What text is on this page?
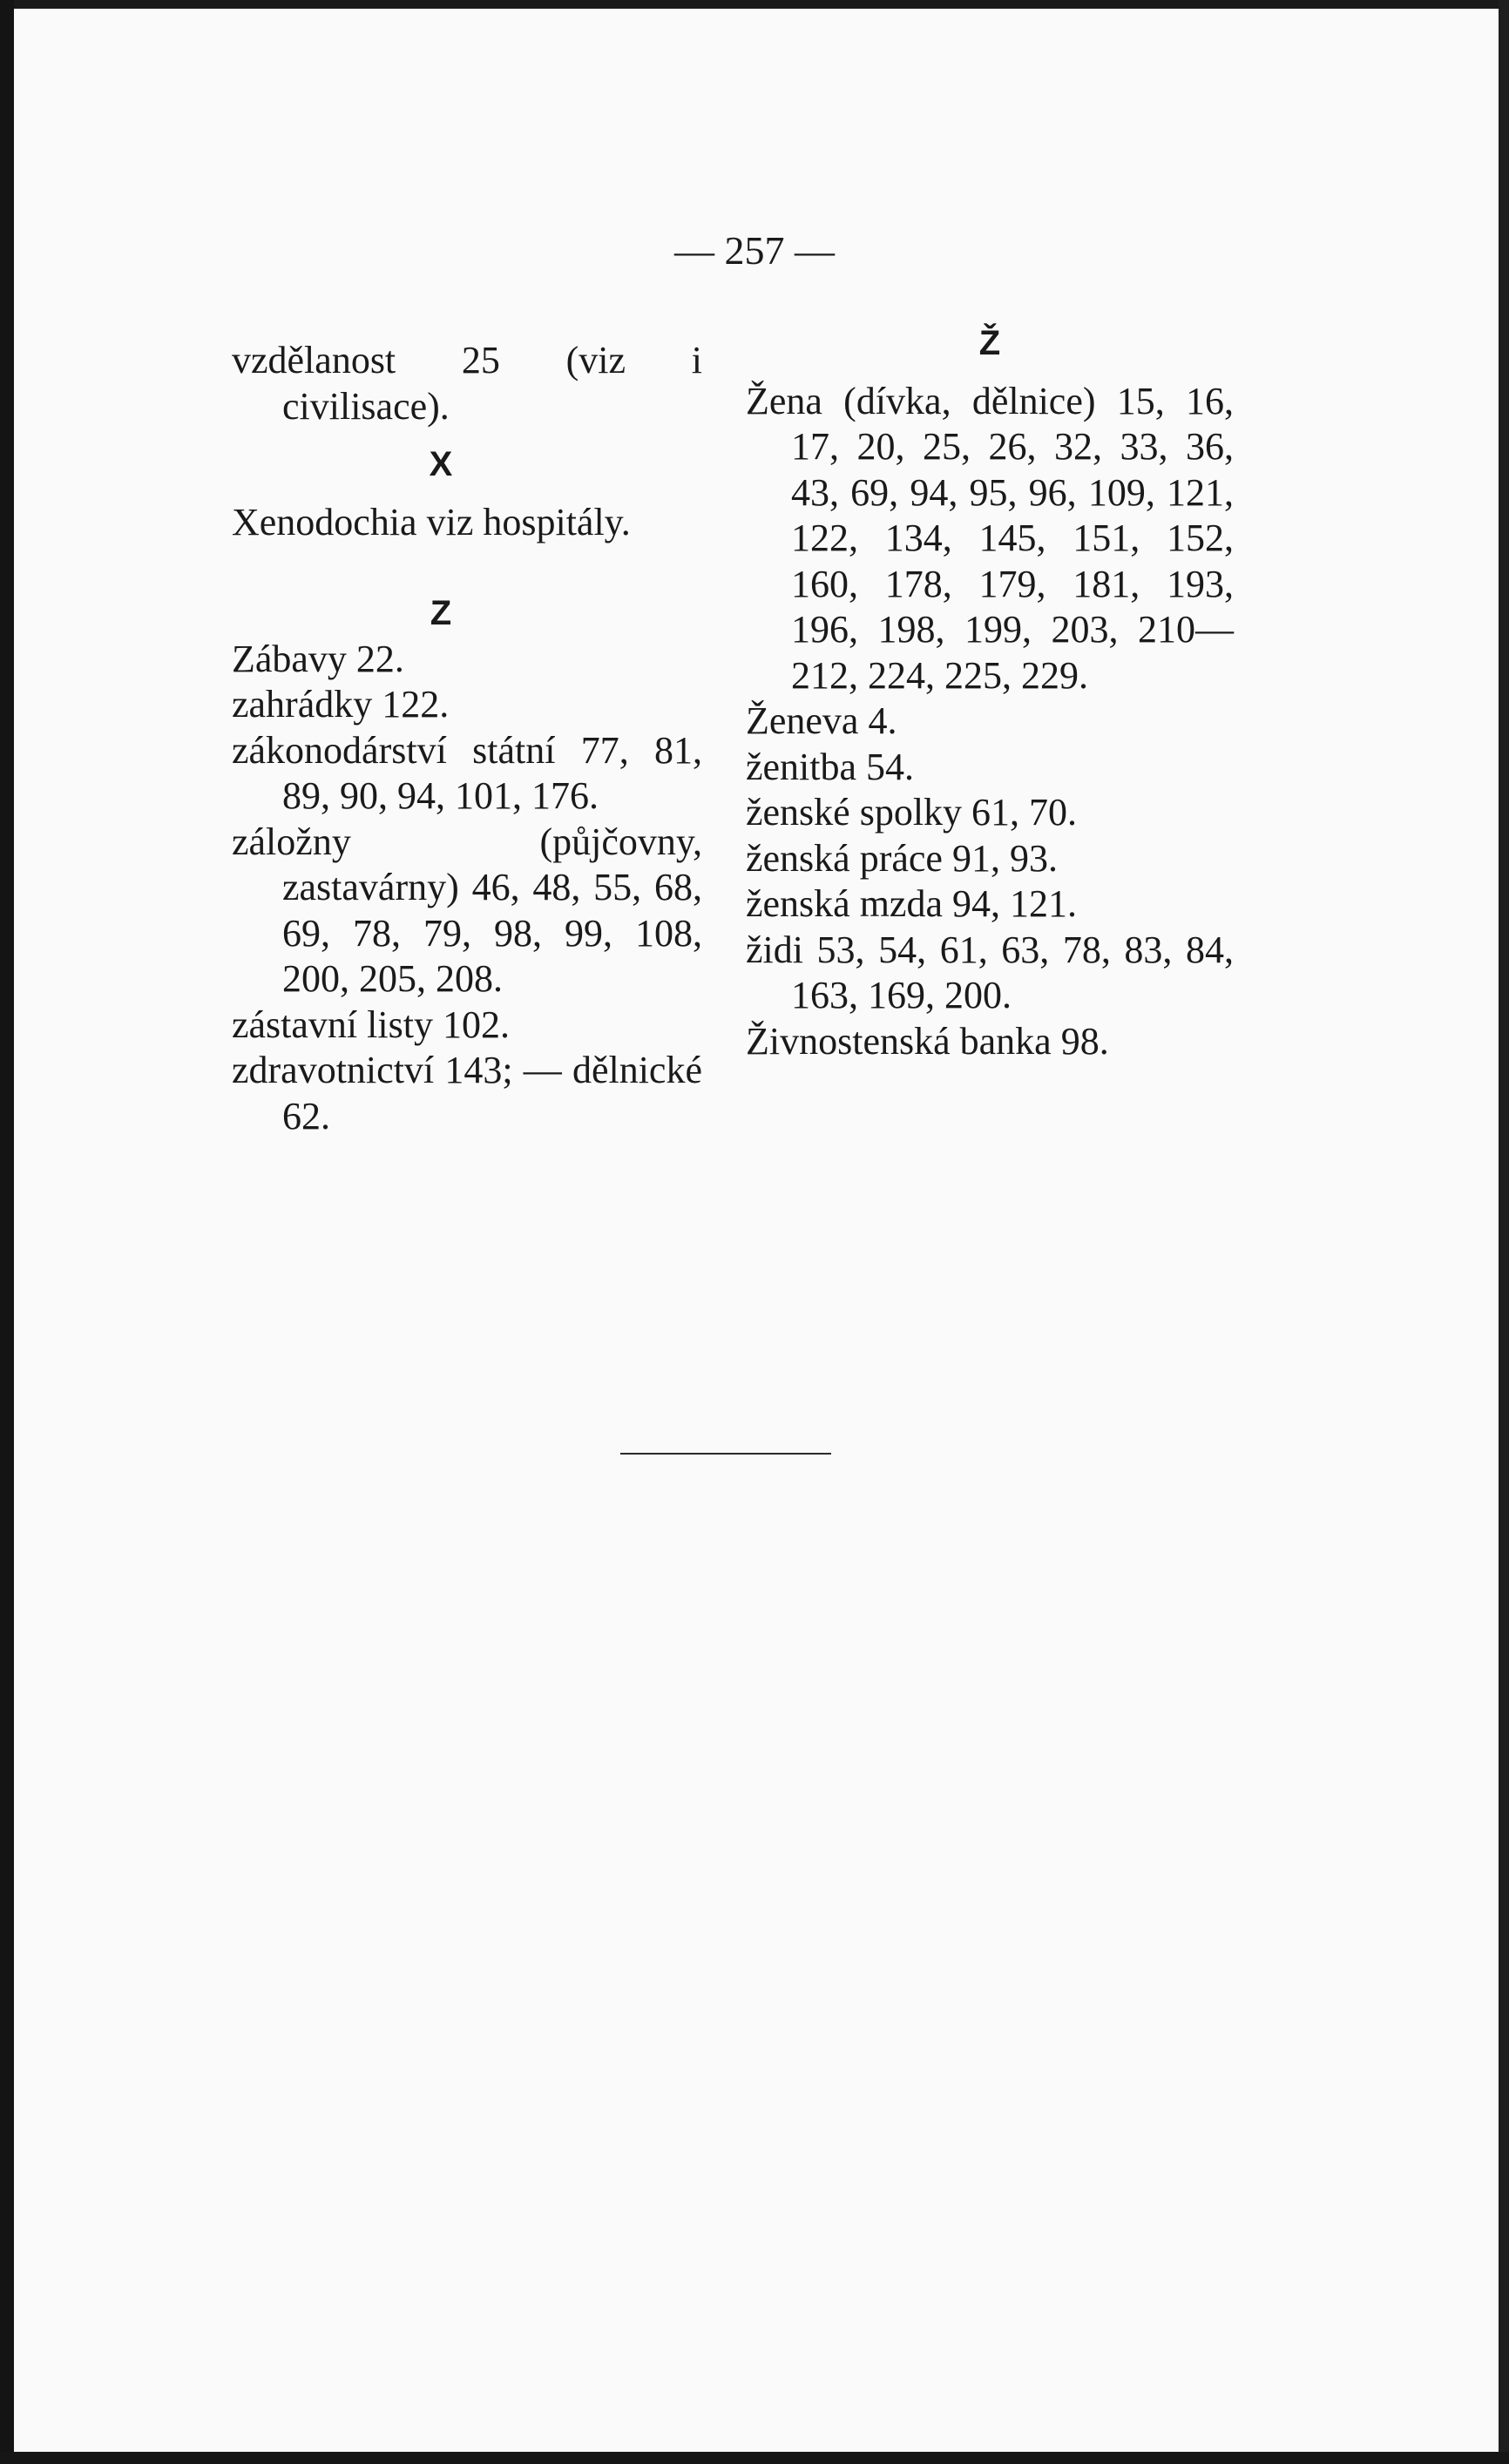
— 257 —

vzdělanost 25 (viz i civilisace).

X

Xenodochia viz hospitály.

Z

Zábavy 22.

zahrádky 122.

zákonodárství státní 77, 81, 89, 90, 94, 101, 176.

záložny (půjčovny, zastavárny) 46, 48, 55, 68, 69, 78, 79, 98, 99, 108, 200, 205, 208.

zástavní listy 102.

zdravotnictví 143; — dělnické 62.

Ž

Žena (dívka, dělnice) 15, 16, 17, 20, 25, 26, 32, 33, 36, 43, 69, 94, 95, 96, 109, 121, 122, 134, 145, 151, 152, 160, 178, 179, 181, 193, 196, 198, 199, 203, 210—212, 224, 225, 229.

Ženeva 4.

ženitba 54.

ženské spolky 61, 70.

ženská práce 91, 93.

ženská mzda 94, 121.

židi 53, 54, 61, 63, 78, 83, 84, 163, 169, 200.

Živnostenská banka 98.
